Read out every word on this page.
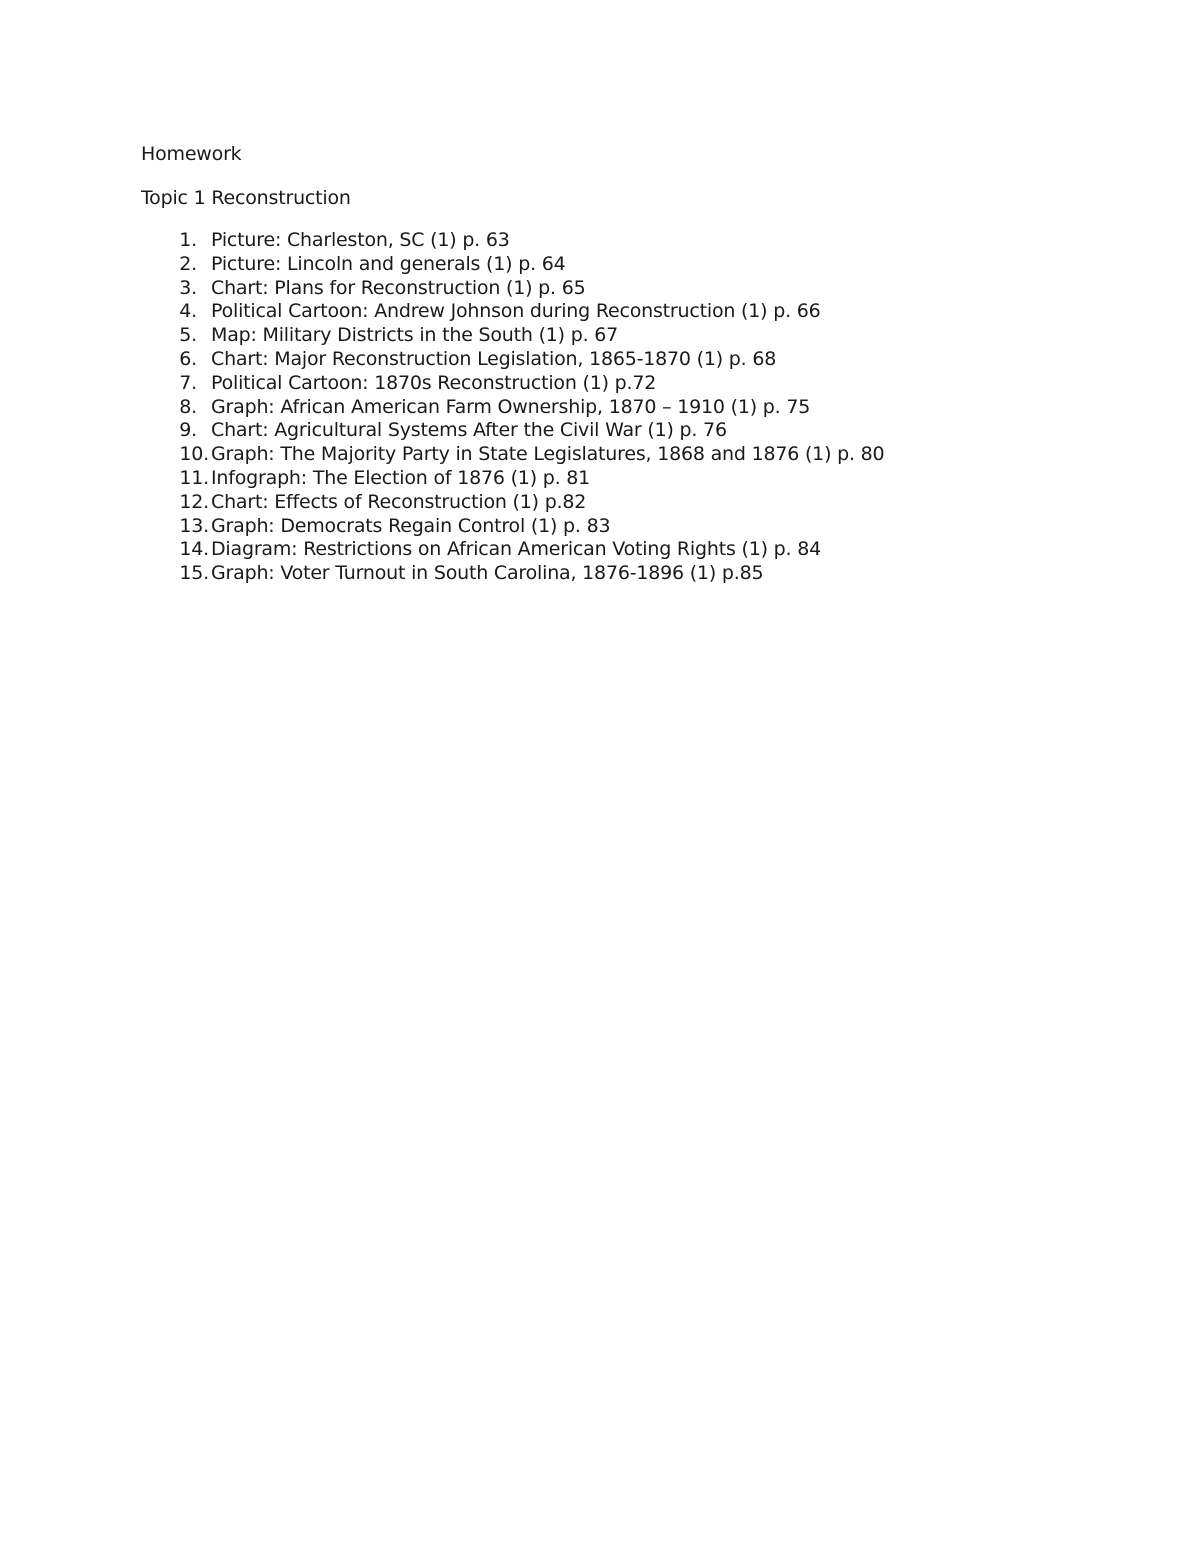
Homework
Topic 1 Reconstruction
1. Picture: Charleston, SC (1) p. 63
2. Picture: Lincoln and generals (1) p. 64
3. Chart: Plans for Reconstruction (1) p. 65
4. Political Cartoon: Andrew Johnson during Reconstruction (1) p. 66
5. Map: Military Districts in the South (1) p. 67
6. Chart: Major Reconstruction Legislation, 1865-1870 (1) p. 68
7. Political Cartoon: 1870s Reconstruction (1) p.72
8. Graph: African American Farm Ownership, 1870 – 1910 (1) p. 75
9. Chart: Agricultural Systems After the Civil War (1) p. 76
10. Graph: The Majority Party in State Legislatures, 1868 and 1876 (1) p. 80
11. Infograph: The Election of 1876 (1) p. 81
12. Chart: Effects of Reconstruction (1) p.82
13. Graph: Democrats Regain Control (1) p. 83
14. Diagram: Restrictions on African American Voting Rights (1) p. 84
15. Graph: Voter Turnout in South Carolina, 1876-1896 (1) p.85
